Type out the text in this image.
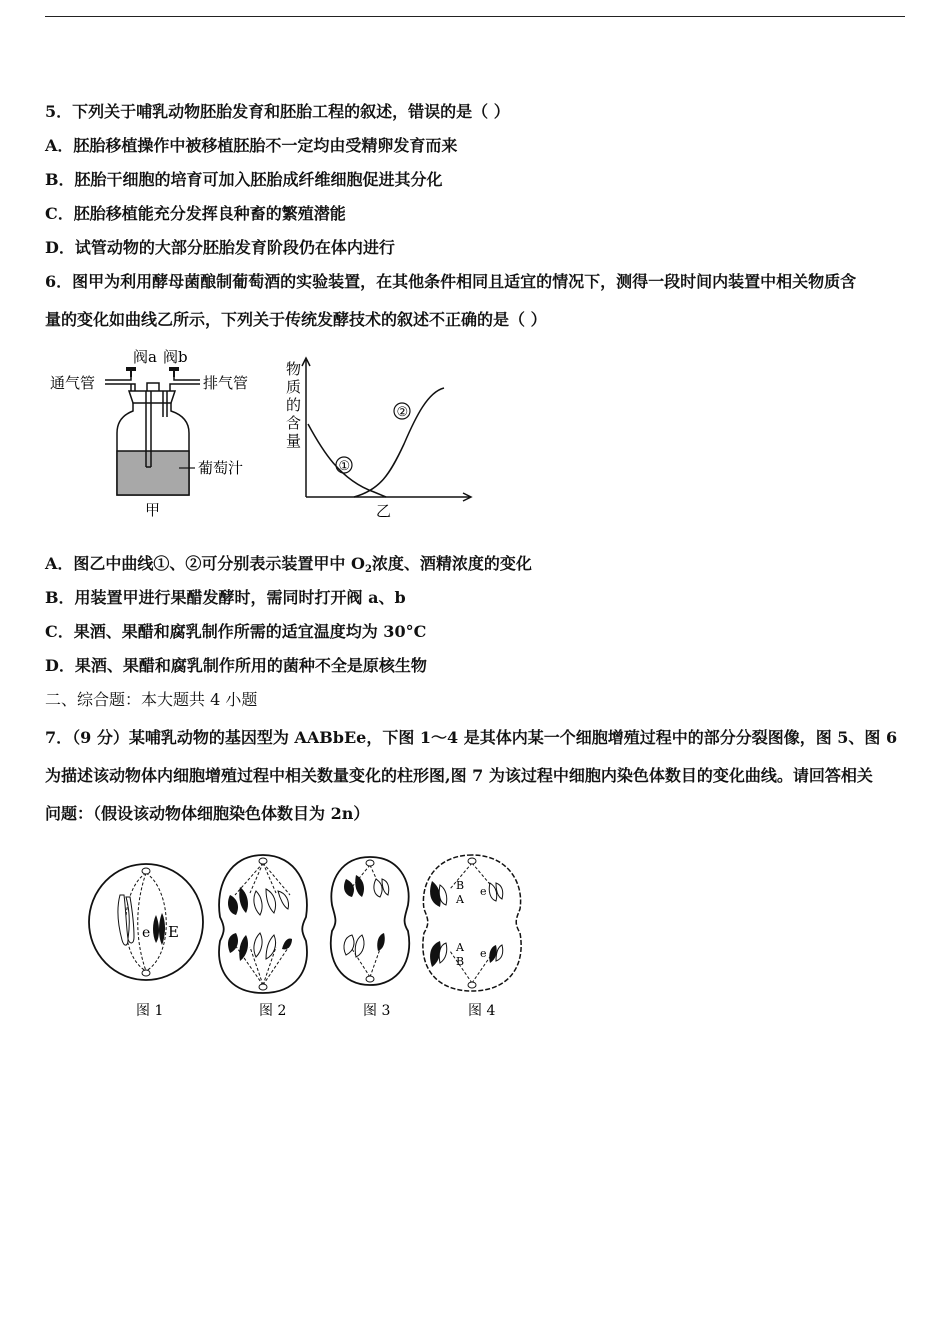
5．下列关于哺乳动物胚胎发育和胚胎工程的叙述，错误的是（ ）
A．胚胎移植操作中被移植胚胎不一定均由受精卵发育而来
B．胚胎干细胞的培育可加入胚胎成纤维细胞促进其分化
C．胚胎移植能充分发挥良种畜的繁殖潜能
D．试管动物的大部分胚胎发育阶段仍在体内进行
6．图甲为利用酵母菌酿制葡萄酒的实验装置，在其他条件相同且适宜的情况下，测得一段时间内装置中相关物质含
量的变化如曲线乙所示，下列关于传统发酵技术的叙述不正确的是（ ）
阀a 阀b
通气管	排气管
葡萄汁
甲
物
质
的
含
量
①
②
乙
A．图乙中曲线①、②可分别表示装置甲中 $O_2$浓度、酒精浓度的变化
B．用装置甲进行果醋发酵时，需同时打开阀 a、b
C．果酒、果醋和腐乳制作所需的适宜温度均为 30°C
D．果酒、果醋和腐乳制作所用的菌种不全是原核生物
二、综合题：本大题共 4 小题
7．（9 分）某哺乳动物的基因型为 AABbEe，下图 1～4 是其体内某一个细胞增殖过程中的部分分裂图像，图 5、图 6
为描述该动物体内细胞增殖过程中相关数量变化的柱形图,图 7 为该过程中细胞内染色体数目的变化曲线。请回答相关
问题：（假设该动物体细胞染色体数目为 2n）
e E
B
A
e
A
B
e
图 1	图 2	图 3	图 4
